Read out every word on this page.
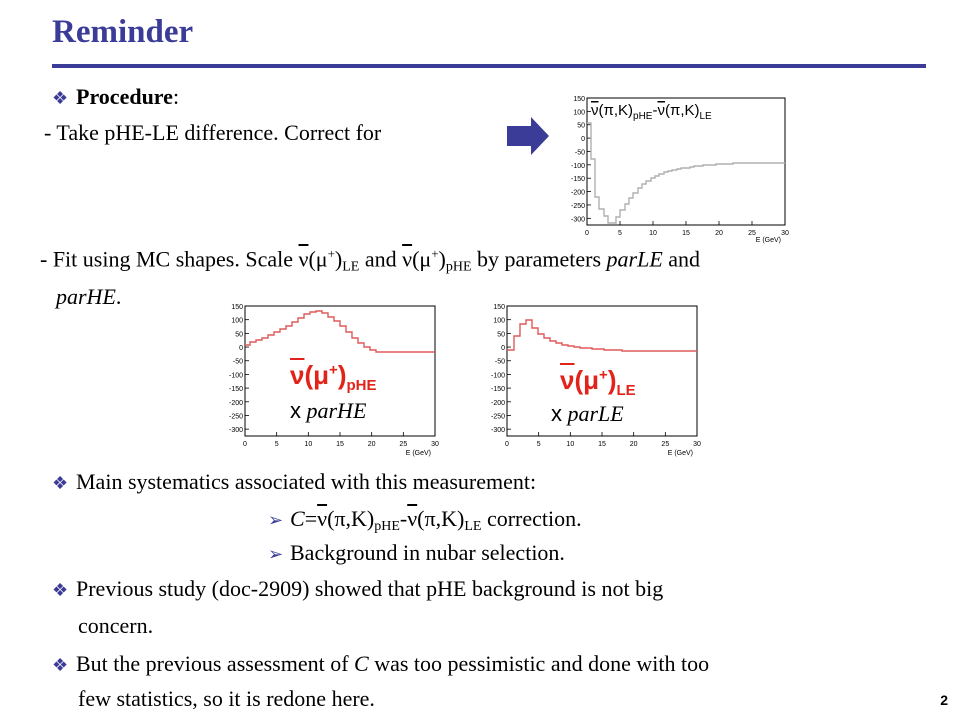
Reminder
❖ Procedure:
- Take pHE-LE difference. Correct for
150
100
50
0
-50
-100
-150
-200
-250
-300
0	5	10	15	20	25	30
$\nu(\pi,K)_{pHE}-\nu(\pi,K)_{LE}$
E (GeV)
- Fit using MC shapes. Scale $\overline{\nu}(\mu^+)_{LE}$ and $\overline{\nu}(\mu^+)_{pHE}$ by parameters parLE and
parHE.	150
100
50
0
-50
-100
-150
-200
-250
-300
0	5	10	15	20	25	30
E (GeV)
150
100
50
0
-50
-100
-150
-200
-250
-300
0	5	10	15	20	25	30
E (GeV)
$\overline{\nu}(\mu^+)_{pHE}$
x parHE
$\overline{\nu}(\mu^+)_{LE}$
x parLE
❖ Main systematics associated with this measurement:
➢ $C=\overline{\nu}(\pi,K)_{pHE}-\overline{\nu}(\pi,K)_{LE}$ correction.
➢ Background in nubar selection.
❖ Previous study (doc-2909) showed that pHE background is not big
concern.
❖ But the previous assessment of C was too pessimistic and done with too
few statistics, so it is redone here.	2
